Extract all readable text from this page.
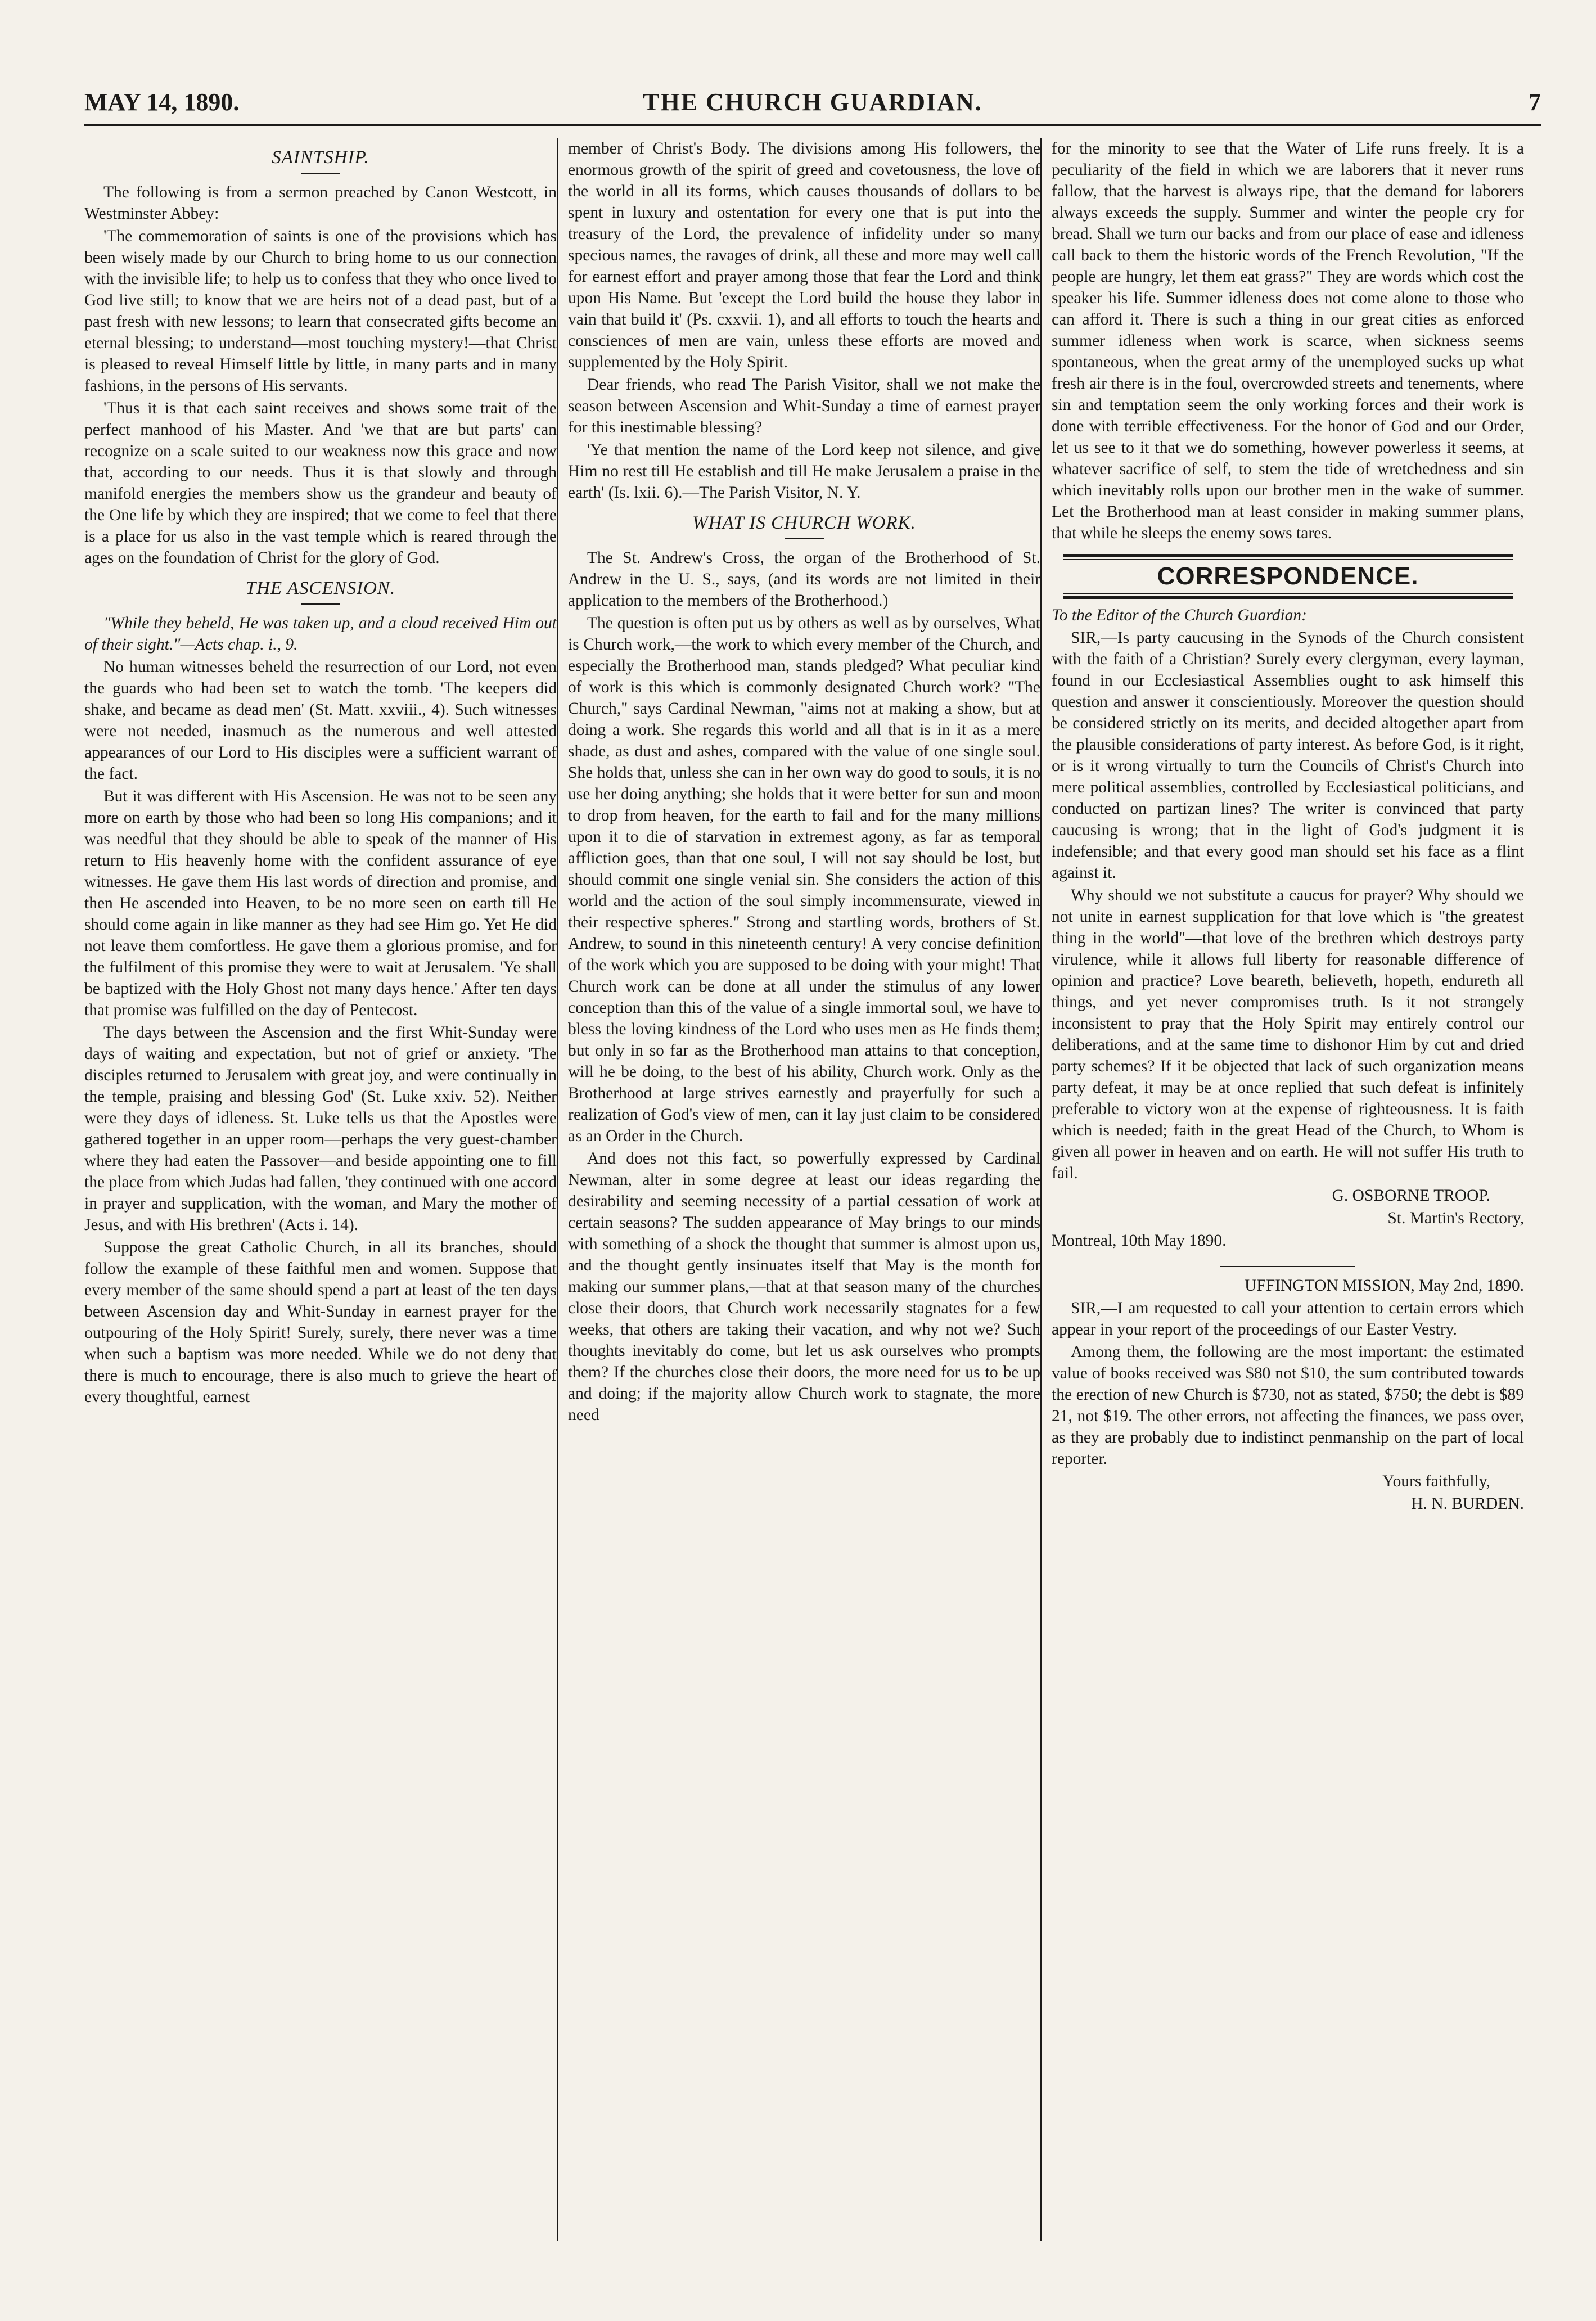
MAY 14, 1890.	THE CHURCH GUARDIAN.	7
SAINTSHIP.

The following is from a sermon preached by Canon Westcott, in Westminster Abbey:

'The commemoration of saints is one of the provisions which has been wisely made by our Church to bring home to us our connection with the invisible life; to help us to confess that they who once lived to God live still; to know that we are heirs not of a dead past, but of a past fresh with new lessons; to learn that consecrated gifts become an eternal blessing; to understand—most touching mystery!—that Christ is pleased to reveal Himself little by little, in many parts and in many fashions, in the persons of His servants.

'Thus it is that each saint receives and shows some trait of the perfect manhood of his Master. And 'we that are but parts' can recognize on a scale suited to our weakness now this grace and now that, according to our needs. Thus it is that slowly and through manifold energies the members show us the grandeur and beauty of the One life by which they are inspired; that we come to feel that there is a place for us also in the vast temple which is reared through the ages on the foundation of Christ for the glory of God.

THE ASCENSION.

"While they beheld, He was taken up, and a cloud received Him out of their sight."—Acts chap. i., 9.

No human witnesses beheld the resurrection of our Lord, not even the guards who had been set to watch the tomb. 'The keepers did shake, and became as dead men' (St. Matt. xxviii., 4). Such witnesses were not needed, inasmuch as the numerous and well attested appearances of our Lord to His disciples were a sufficient warrant of the fact.

But it was different with His Ascension. He was not to be seen any more on earth by those who had been so long His companions; and it was needful that they should be able to speak of the manner of His return to His heavenly home with the confident assurance of eye witnesses. He gave them His last words of direction and promise, and then He ascended into Heaven, to be no more seen on earth till He should come again in like manner as they had see Him go. Yet He did not leave them comfortless. He gave them a glorious promise, and for the fulfilment of this promise they were to wait at Jerusalem. 'Ye shall be baptized with the Holy Ghost not many days hence.' After ten days that promise was fulfilled on the day of Pentecost.

The days between the Ascension and the first Whit-Sunday were days of waiting and expectation, but not of grief or anxiety. 'The disciples returned to Jerusalem with great joy, and were continually in the temple, praising and blessing God' (St. Luke xxiv. 52). Neither were they days of idleness. St. Luke tells us that the Apostles were gathered together in an upper room—perhaps the very guest-chamber where they had eaten the Passover—and beside appointing one to fill the place from which Judas had fallen, 'they continued with one accord in prayer and supplication, with the woman, and Mary the mother of Jesus, and with His brethren' (Acts i. 14).

Suppose the great Catholic Church, in all its branches, should follow the example of these faithful men and women. Suppose that every member of the same should spend a part at least of the ten days between Ascension day and Whit-Sunday in earnest prayer for the outpouring of the Holy Spirit! Surely, surely, there never was a time when such a baptism was more needed. While we do not deny that there is much to encourage, there is also much to grieve the heart of every thoughtful, earnest

member of Christ's Body. The divisions among His followers, the enormous growth of the spirit of greed and covetousness, the love of the world in all its forms, which causes thousands of dollars to be spent in luxury and ostentation for every one that is put into the treasury of the Lord, the prevalence of infidelity under so many specious names, the ravages of drink, all these and more may well call for earnest effort and prayer among those that fear the Lord and think upon His Name. But 'except the Lord build the house they labor in vain that build it' (Ps. cxxvii. 1), and all efforts to touch the hearts and consciences of men are vain, unless these efforts are moved and supplemented by the Holy Spirit.

Dear friends, who read The Parish Visitor, shall we not make the season between Ascension and Whit-Sunday a time of earnest prayer for this inestimable blessing?

'Ye that mention the name of the Lord keep not silence, and give Him no rest till He establish and till He make Jerusalem a praise in the earth' (Is. lxii. 6).—The Parish Visitor, N. Y.

WHAT IS CHURCH WORK.

The St. Andrew's Cross, the organ of the Brotherhood of St. Andrew in the U. S., says, (and its words are not limited in their application to the members of the Brotherhood.)

The question is often put us by others as well as by ourselves, What is Church work,—the work to which every member of the Church, and especially the Brotherhood man, stands pledged? What peculiar kind of work is this which is commonly designated Church work? "The Church," says Cardinal Newman, "aims not at making a show, but at doing a work. She regards this world and all that is in it as a mere shade, as dust and ashes, compared with the value of one single soul. She holds that, unless she can in her own way do good to souls, it is no use her doing anything; she holds that it were better for sun and moon to drop from heaven, for the earth to fail and for the many millions upon it to die of starvation in extremest agony, as far as temporal affliction goes, than that one soul, I will not say should be lost, but should commit one single venial sin. She considers the action of this world and the action of the soul simply incommensurate, viewed in their respective spheres." Strong and startling words, brothers of St. Andrew, to sound in this nineteenth century! A very concise definition of the work which you are supposed to be doing with your might! That Church work can be done at all under the stimulus of any lower conception than this of the value of a single immortal soul, we have to bless the loving kindness of the Lord who uses men as He finds them; but only in so far as the Brotherhood man attains to that conception, will he be doing, to the best of his ability, Church work. Only as the Brotherhood at large strives earnestly and prayerfully for such a realization of God's view of men, can it lay just claim to be considered as an Order in the Church.

And does not this fact, so powerfully expressed by Cardinal Newman, alter in some degree at least our ideas regarding the desirability and seeming necessity of a partial cessation of work at certain seasons? The sudden appearance of May brings to our minds with something of a shock the thought that summer is almost upon us, and the thought gently insinuates itself that May is the month for making our summer plans,—that at that season many of the churches close their doors, that Church work necessarily stagnates for a few weeks, that others are taking their vacation, and why not we? Such thoughts inevitably do come, but let us ask ourselves who prompts them? If the churches close their doors, the more need for us to be up and doing; if the majority allow Church work to stagnate, the more need

for the minority to see that the Water of Life runs freely. It is a peculiarity of the field in which we are laborers that it never runs fallow, that the harvest is always ripe, that the demand for laborers always exceeds the supply. Summer and winter the people cry for bread. Shall we turn our backs and from our place of ease and idleness call back to them the historic words of the French Revolution, "If the people are hungry, let them eat grass?" They are words which cost the speaker his life. Summer idleness does not come alone to those who can afford it. There is such a thing in our great cities as enforced summer idleness when work is scarce, when sickness seems spontaneous, when the great army of the unemployed sucks up what fresh air there is in the foul, overcrowded streets and tenements, where sin and temptation seem the only working forces and their work is done with terrible effectiveness. For the honor of God and our Order, let us see to it that we do something, however powerless it seems, at whatever sacrifice of self, to stem the tide of wretchedness and sin which inevitably rolls upon our brother men in the wake of summer. Let the Brotherhood man at least consider in making summer plans, that while he sleeps the enemy sows tares.

CORRESPONDENCE.

To the Editor of the Church Guardian:

SIR,—Is party caucusing in the Synods of the Church consistent with the faith of a Christian? Surely every clergyman, every layman, found in our Ecclesiastical Assemblies ought to ask himself this question and answer it conscientiously. Moreover the question should be considered strictly on its merits, and decided altogether apart from the plausible considerations of party interest. As before God, is it right, or is it wrong virtually to turn the Councils of Christ's Church into mere political assemblies, controlled by Ecclesiastical politicians, and conducted on partizan lines? The writer is convinced that party caucusing is wrong; that in the light of God's judgment it is indefensible; and that every good man should set his face as a flint against it.

Why should we not substitute a caucus for prayer? Why should we not unite in earnest supplication for that love which is "the greatest thing in the world"—that love of the brethren which destroys party virulence, while it allows full liberty for reasonable difference of opinion and practice? Love beareth, believeth, hopeth, endureth all things, and yet never compromises truth. Is it not strangely inconsistent to pray that the Holy Spirit may entirely control our deliberations, and at the same time to dishonor Him by cut and dried party schemes? If it be objected that lack of such organization means party defeat, it may be at once replied that such defeat is infinitely preferable to victory won at the expense of righteousness. It is faith which is needed; faith in the great Head of the Church, to Whom is given all power in heaven and on earth. He will not suffer His truth to fail.

G. OSBORNE TROOP.

St. Martin's Rectory,

Montreal, 10th May 1890.

UFFINGTON MISSION, May 2nd, 1890.

SIR,—I am requested to call your attention to certain errors which appear in your report of the proceedings of our Easter Vestry.

Among them, the following are the most important: the estimated value of books received was $80 not $10, the sum contributed towards the erection of new Church is $730, not as stated, $750; the debt is $89 21, not $19. The other errors, not affecting the finances, we pass over, as they are probably due to indistinct penmanship on the part of local reporter.

Yours faithfully,

H. N. BURDEN.
